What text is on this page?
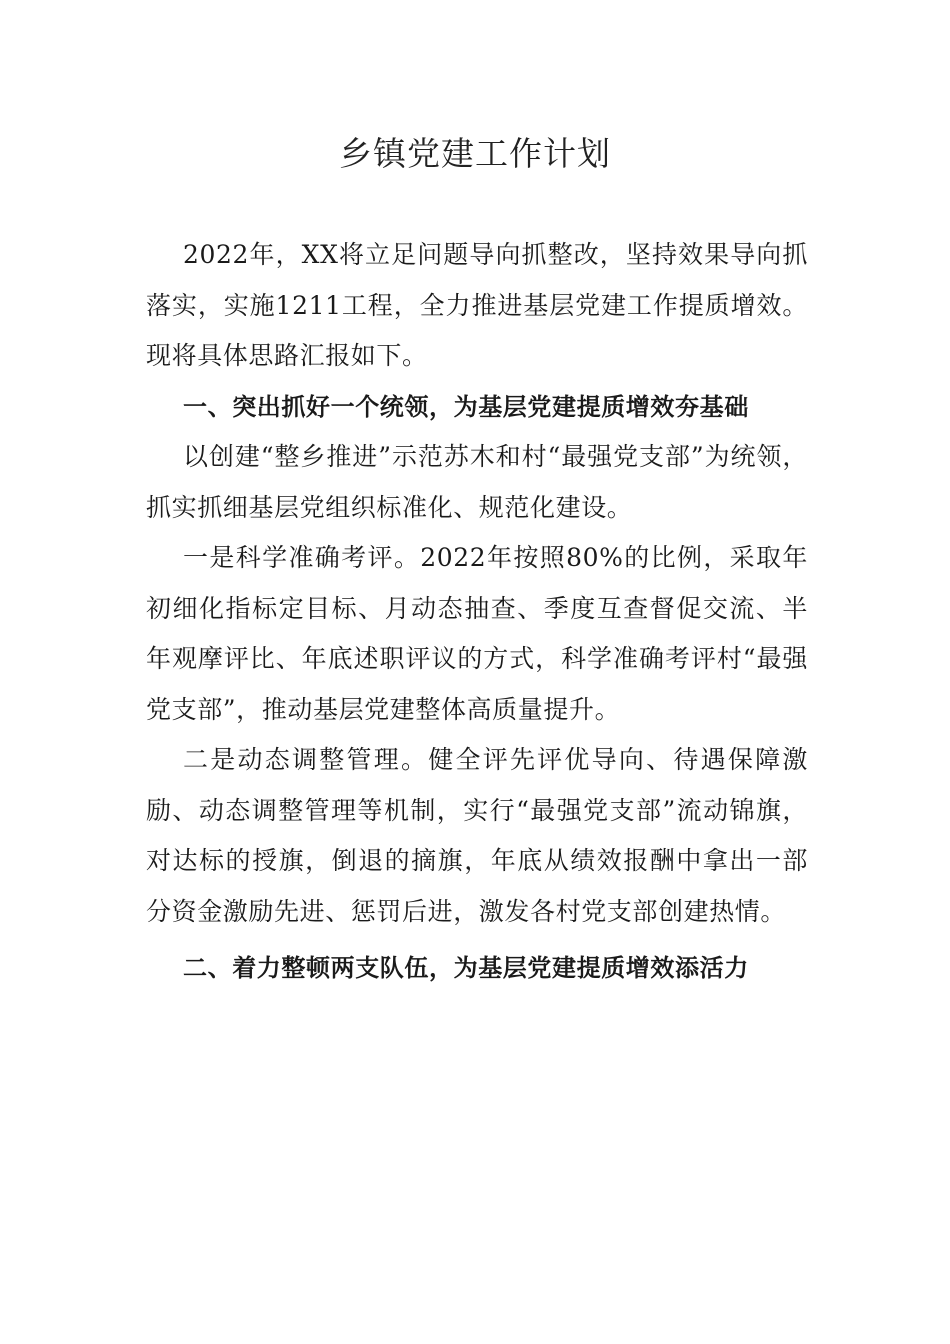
乡镇党建工作计划

2022年，XX将立足问题导向抓整改，坚持效果导向抓落实，实施1211工程，全力推进基层党建工作提质增效。现将具体思路汇报如下。

一、突出抓好一个统领，为基层党建提质增效夯基础

以创建“整乡推进”示范苏木和村“最强党支部”为统领，抓实抓细基层党组织标准化、规范化建设。

一是科学准确考评。2022年按照80%的比例，采取年初细化指标定目标、月动态抽查、季度互查督促交流、半年观摩评比、年底述职评议的方式，科学准确考评村“最强党支部”，推动基层党建整体高质量提升。

二是动态调整管理。健全评先评优导向、待遇保障激励、动态调整管理等机制，实行“最强党支部”流动锦旗，对达标的授旗，倒退的摘旗，年底从绩效报酬中拿出一部分资金激励先进、惩罚后进，激发各村党支部创建热情。

二、着力整顿两支队伍，为基层党建提质增效添活力
